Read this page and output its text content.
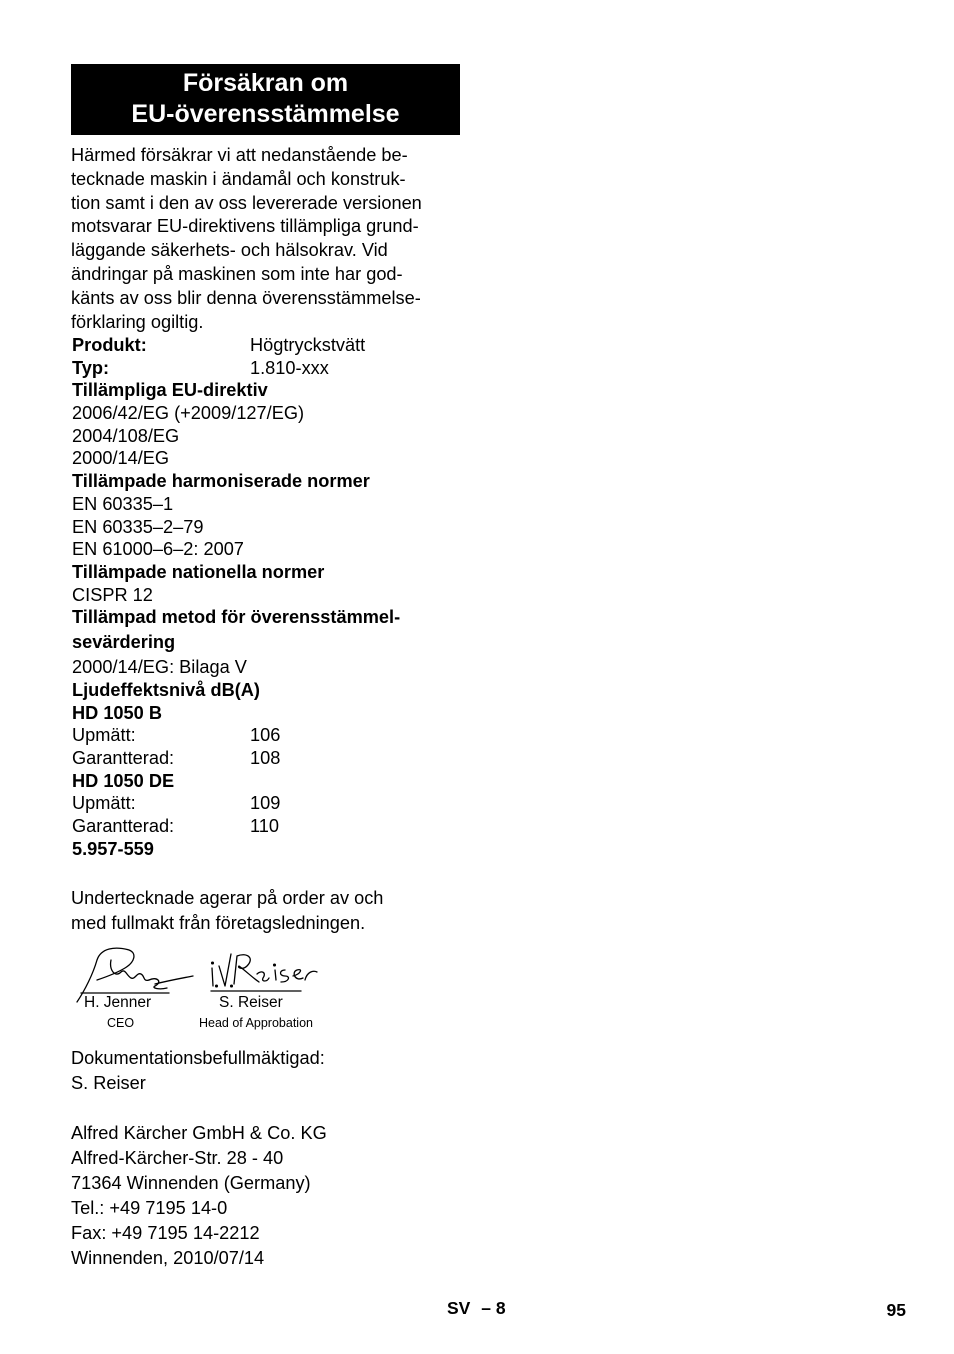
Försäkran om
EU-överensstämmelse
Härmed försäkrar vi att nedanstående be-
tecknade maskin i ändamål och konstruk-
tion samt i den av oss levererade versionen
motsvarar EU-direktivens tillämpliga grund-
läggande säkerhets- och hälsokrav. Vid
ändringar på maskinen som inte har god-
känts av oss blir denna överensstämmelse-
förklaring ogiltig.
Produkt:	Högtryckstvätt
Typ:	1.810-xxx
Tillämpliga EU-direktiv
2006/42/EG (+2009/127/EG)
2004/108/EG
2000/14/EG
Tillämpade harmoniserade normer
EN 60335–1
EN 60335–2–79
EN 61000–6–2: 2007
Tillämpade nationella normer
CISPR 12
Tillämpad metod för överensstämmel-
sevärdering
2000/14/EG: Bilaga V
Ljudeffektsnivå dB(A)
HD 1050 B
Upmätt:	106
Garantterad:	108
HD 1050 DE
Upmätt:	109
Garantterad:	110
5.957-559
Undertecknade agerar på order av och
med fullmakt från företagsledningen.
H. Jenner
CEO
S. Reiser
Head of Approbation
Dokumentationsbefullmäktigad:
S. Reiser
Alfred Kärcher GmbH & Co. KG
Alfred-Kärcher-Str. 28 - 40
71364 Winnenden (Germany)
Tel.: +49 7195 14-0
Fax: +49 7195 14-2212
Winnenden, 2010/07/14
SV – 8	95
